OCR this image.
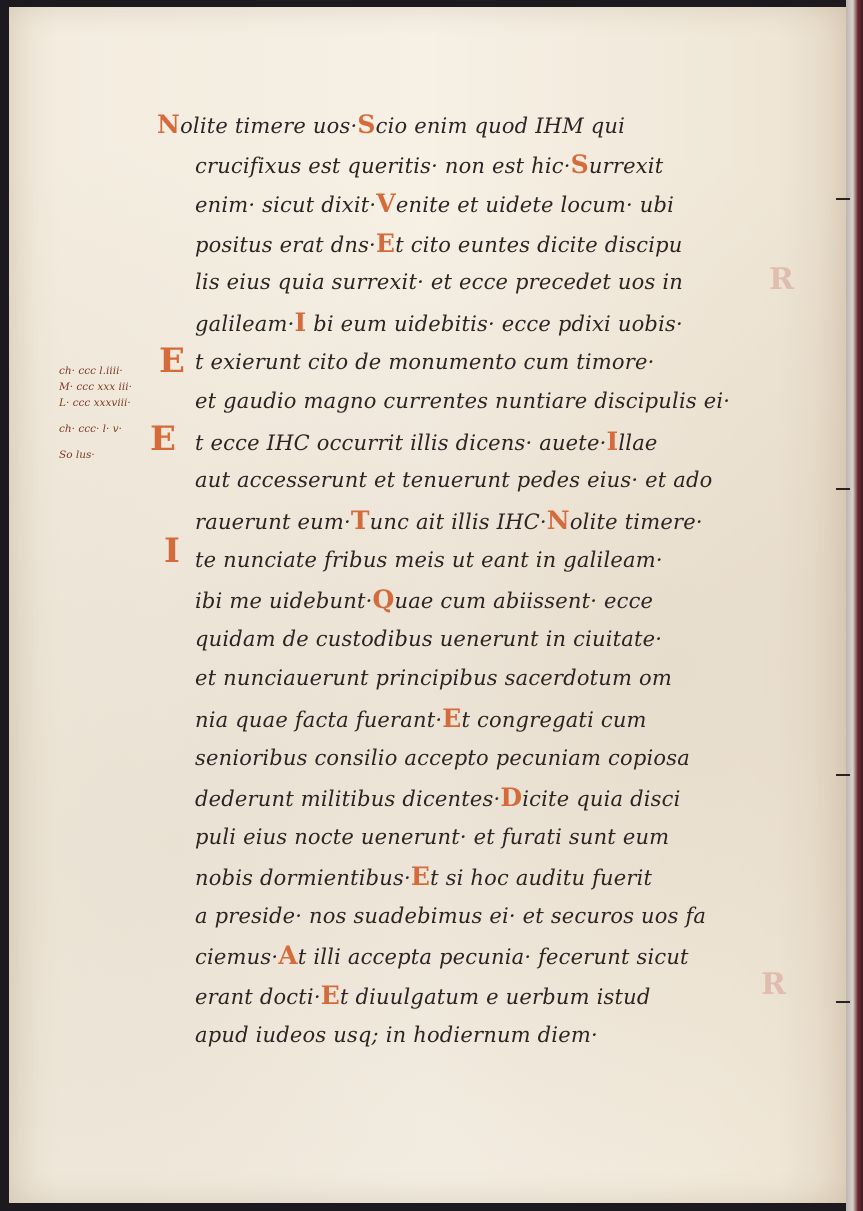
R
R
ch· ccc l.iiii·
M· ccc xxx iii·
L· ccc xxxviii·
ch· ccc· l· v·
So lus·
E
E
I
Nolite timere uos·Scio enim quod IHM qui
crucifixus est queritis· non est hic·Surrexit
enim· sicut dixit·Venite et uidete locum· ubi
positus erat dns·Et cito euntes dicite discipu
lis eius quia surrexit· et ecce precedet uos in
galileam·I bi eum uidebitis· ecce pdixi uobis·
t exierunt cito de monumento cum timore·
et gaudio magno currentes nuntiare discipulis ei·
t ecce IHC occurrit illis dicens· auete·Illae
aut accesserunt et tenuerunt pedes eius· et ado
rauerunt eum·Tunc ait illis IHC·Nolite timere·
te nunciate fribus meis ut eant in galileam·
ibi me uidebunt·Quae cum abiissent· ecce
quidam de custodibus uenerunt in ciuitate·
et nunciauerunt principibus sacerdotum om
nia quae facta fuerant·Et congregati cum
senioribus consilio accepto pecuniam copiosa
dederunt militibus dicentes·Dicite quia disci
puli eius nocte uenerunt· et furati sunt eum
nobis dormientibus·Et si hoc auditu fuerit
a preside· nos suadebimus ei· et securos uos fa
ciemus·At illi accepta pecunia· fecerunt sicut
erant docti·Et diuulgatum e uerbum istud
apud iudeos usq; in hodiernum diem·
